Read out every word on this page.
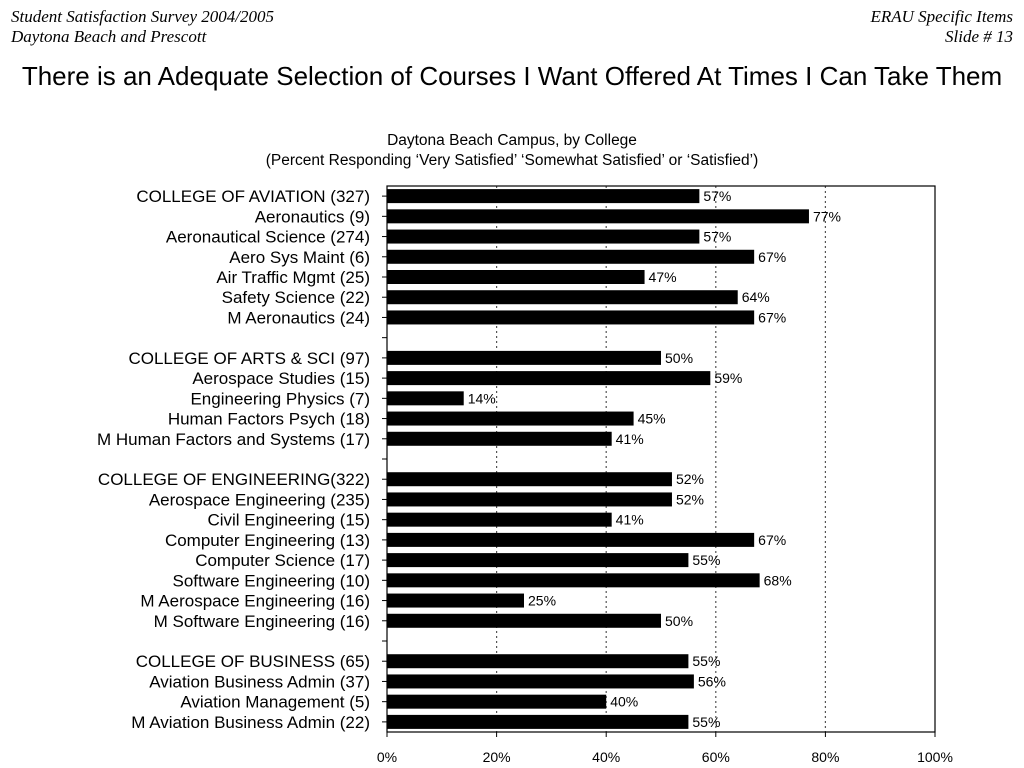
Student Satisfaction Survey 2004/2005
Daytona Beach and Prescott
ERAU Specific Items
Slide # 13
There is an Adequate Selection of Courses I Want Offered At Times I Can Take Them
Daytona Beach Campus, by College
(Percent Responding ‘Very Satisfied’ ‘Somewhat Satisfied’ or ‘Satisfied’)
0%	20%	40%	60%	80%	100%
COLLEGE OF AVIATION (327)	57%
Aeronautics (9)	77%
Aeronautical Science (274)	57%
Aero Sys Maint (6)	67%
Air Traffic Mgmt (25)	47%
Safety Science (22)	64%
M Aeronautics (24)	67%
COLLEGE OF ARTS & SCI (97)	50%
Aerospace Studies (15)	59%
Engineering Physics (7)	14%
Human Factors Psych (18)	45%
M Human Factors and Systems (17)	41%
COLLEGE OF ENGINEERING(322)	52%
Aerospace Engineering (235)	52%
Civil Engineering (15)	41%
Computer Engineering (13)	67%
Computer Science (17)	55%
Software Engineering (10)	68%
M Aerospace Engineering (16)	25%
M Software Engineering (16)	50%
COLLEGE OF BUSINESS (65)	55%
Aviation Business Admin (37)	56%
Aviation Management (5)	40%
M Aviation Business Admin (22)	55%
